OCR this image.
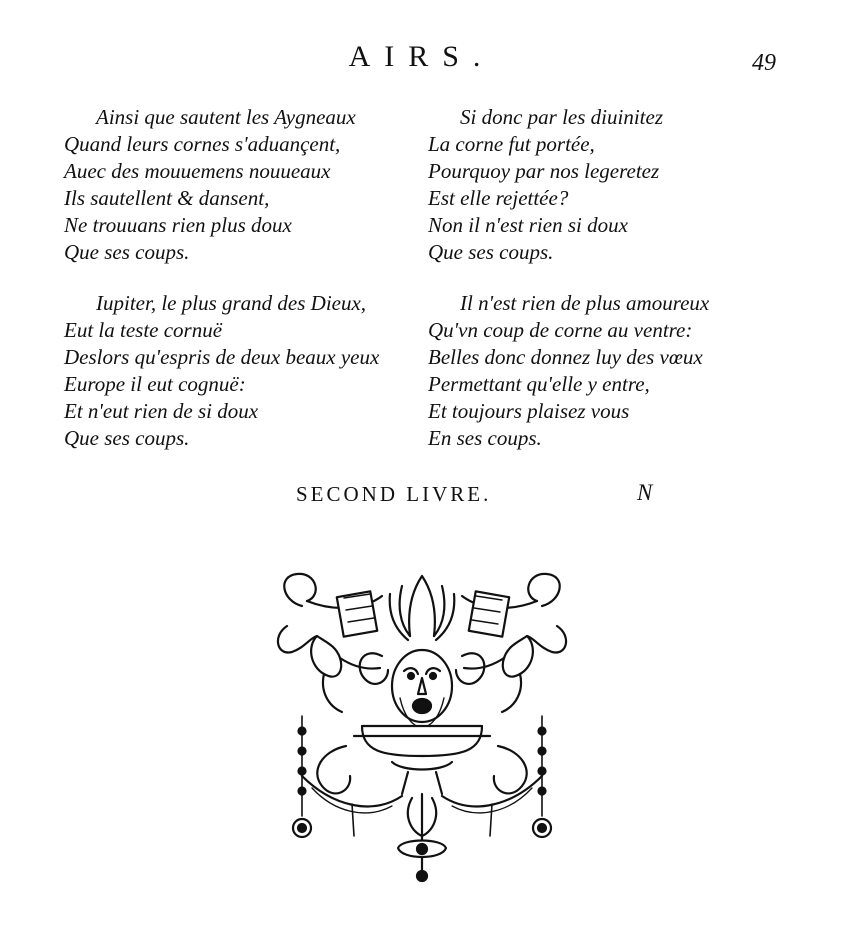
AIRS.	49
Ainsi que sautent les Aygneaux
Quand leurs cornes s'aduançent,
Auec des mouuemens nouueaux
Ils sautellent & dansent,
Ne trouuans rien plus doux
Que ses coups.
Si donc par les diuinitez
La corne fut portée,
Pourquoy par nos legeretez
Est elle rejettée?
Non il n'est rien si doux
Que ses coups.
Iupiter, le plus grand des Dieux,
Eut la teste cornuë
Deslors qu'espris de deux beaux yeux
Europe il eut cognuë:
Et n'eut rien de si doux
Que ses coups.
Il n'est rien de plus amoureux
Qu'vn coup de corne au ventre:
Belles donc donnez luy des vœux
Permettant qu'elle y entre,
Et toujours plaisez vous
En ses coups.
SECOND LIVRE.	N
